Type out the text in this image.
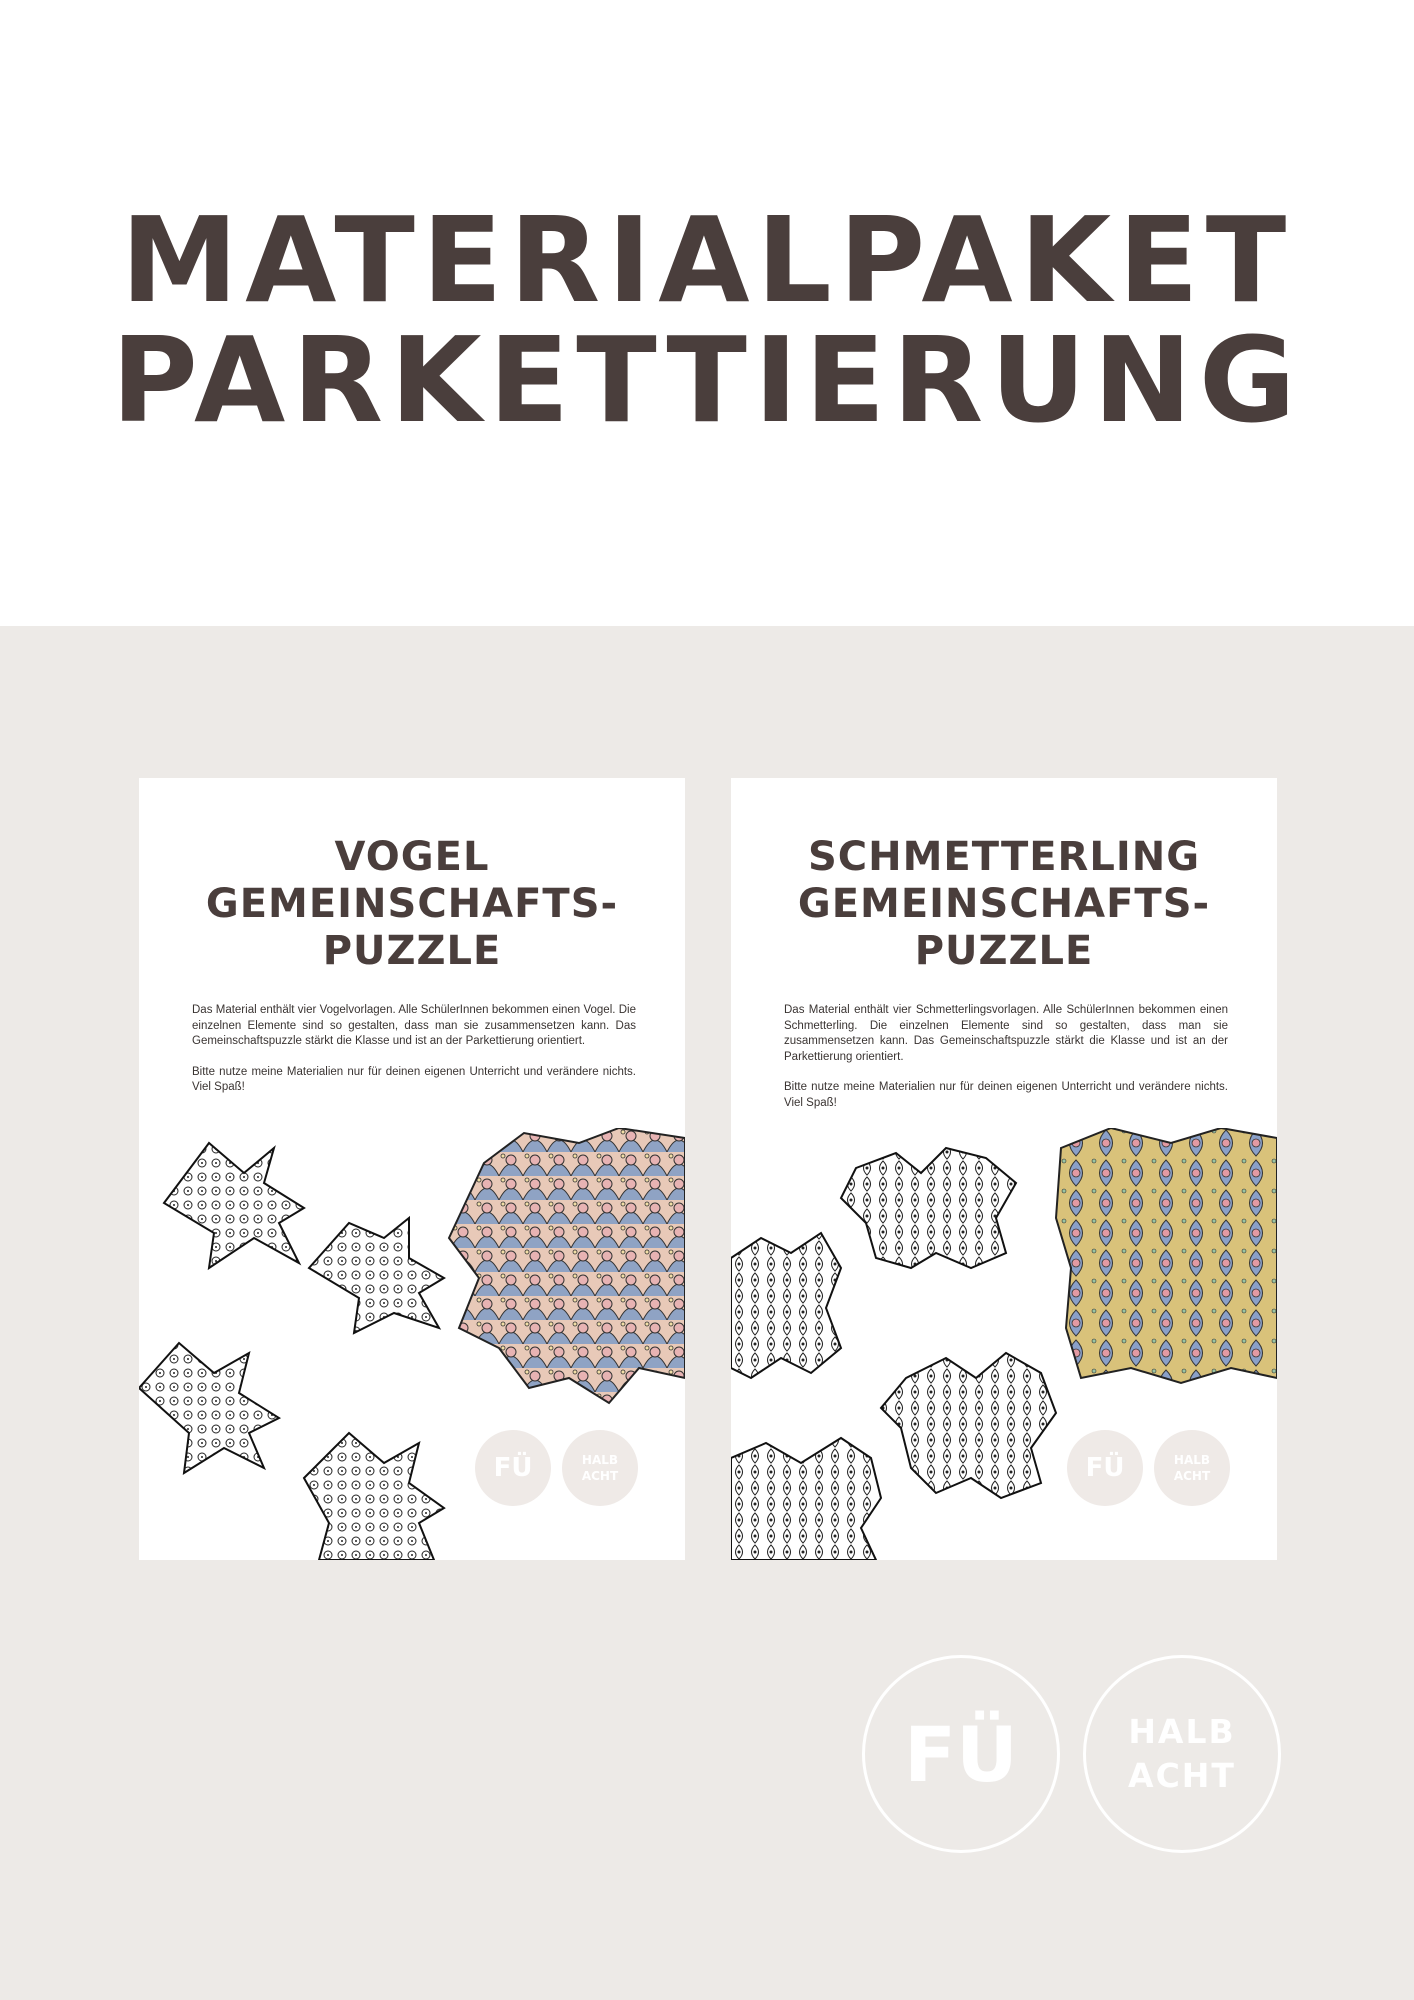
MATERIALPAKET
PARKETTIERUNG
VOGEL
GEMEINSCHAFTS-
PUZZLE

Das Material enthält vier Vogelvorlagen. Alle SchülerInnen bekommen einen Vogel. Die einzelnen Elemente sind so gestalten, dass man sie zusammensetzen kann. Das Gemeinschaftspuzzle stärkt die Klasse und ist an der Parkettierung orientiert.

Bitte nutze meine Materialien nur für deinen eigenen Unterricht und verändere nichts. Viel Spaß!

FÜ	HALB
ACHT
SCHMETTERLING
GEMEINSCHAFTS-
PUZZLE

Das Material enthält vier Schmetterlingsvorlagen. Alle SchülerInnen bekommen einen Schmetterling. Die einzelnen Elemente sind so gestalten, dass man sie zusammensetzen kann. Das Gemeinschaftspuzzle stärkt die Klasse und ist an der Parkettierung orientiert.

Bitte nutze meine Materialien nur für deinen eigenen Unterricht und verändere nichts. Viel Spaß!

FÜ	HALB
ACHT
FÜ	HALB
ACHT
